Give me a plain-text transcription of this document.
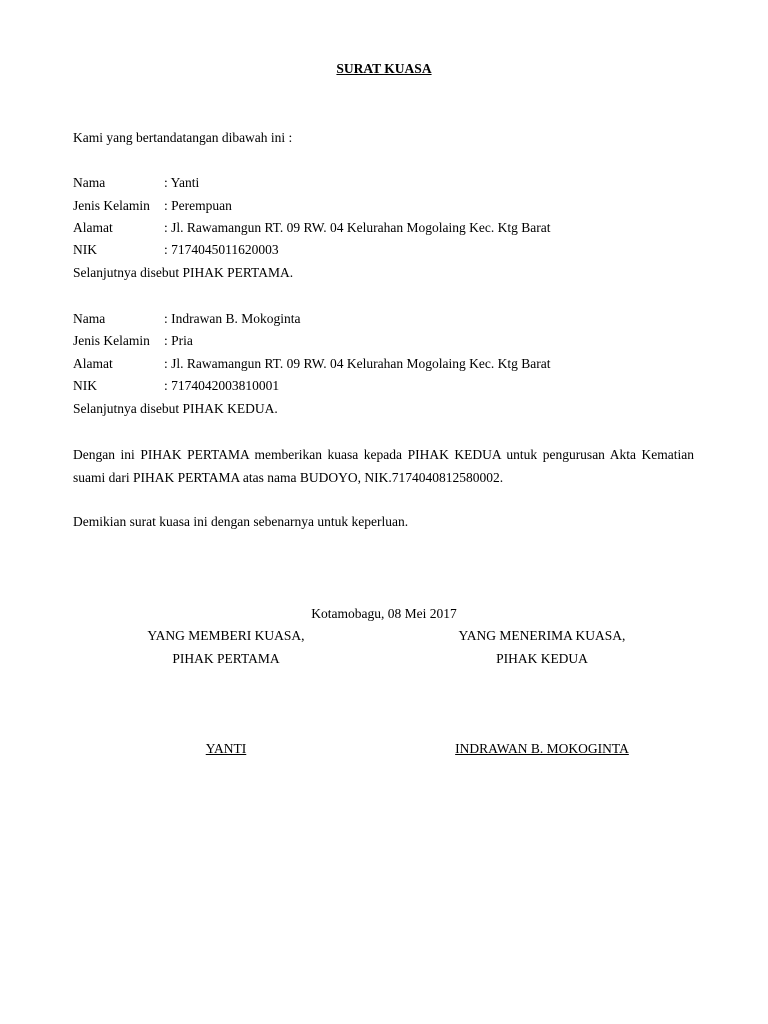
SURAT KUASA
Kami yang bertandatangan dibawah ini :
Nama	: Yanti
Jenis Kelamin : Perempuan
Alamat	: Jl. Rawamangun RT. 09 RW. 04 Kelurahan Mogolaing Kec. Ktg Barat
NIK	: 7174045011620003
Selanjutnya disebut PIHAK PERTAMA.
Nama	: Indrawan B. Mokoginta
Jenis Kelamin : Pria
Alamat	: Jl. Rawamangun RT. 09 RW. 04 Kelurahan Mogolaing Kec. Ktg Barat
NIK	: 7174042003810001
Selanjutnya disebut PIHAK KEDUA.
Dengan ini PIHAK PERTAMA memberikan kuasa kepada PIHAK KEDUA untuk pengurusan Akta Kematian suami dari PIHAK PERTAMA atas nama BUDOYO, NIK.7174040812580002.
Demikian surat kuasa ini dengan sebenarnya untuk keperluan.
Kotamobagu, 08 Mei 2017
YANG MEMBERI KUASA,	YANG MENERIMA KUASA,
PIHAK PERTAMA	PIHAK KEDUA
YANTI	INDRAWAN B. MOKOGINTA
